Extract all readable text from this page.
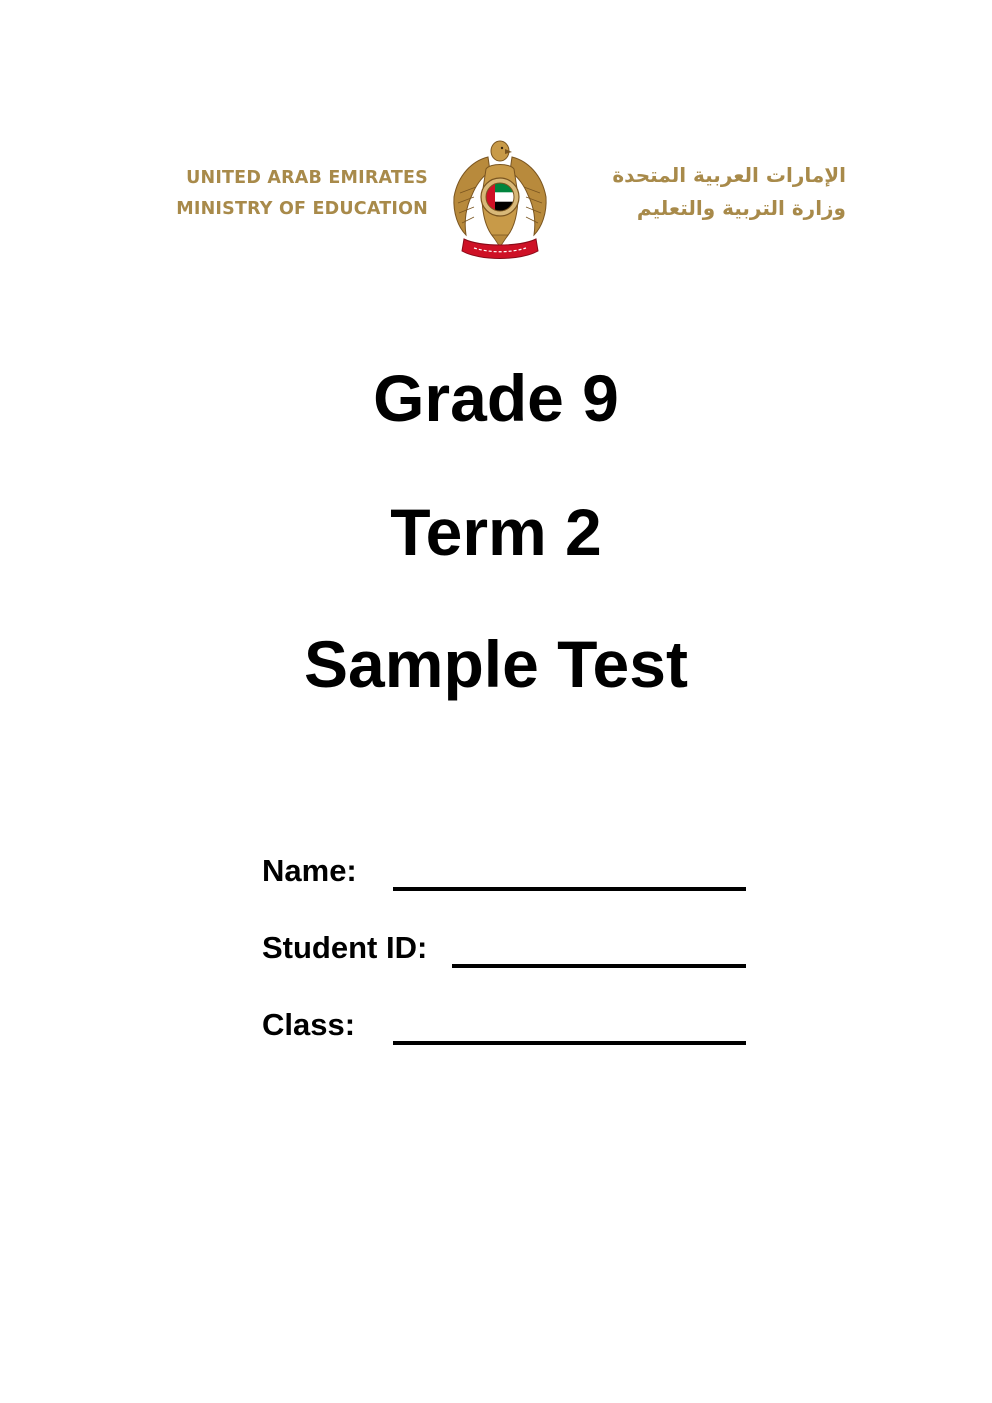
UNITED ARAB EMIRATES
MINISTRY OF EDUCATION
الإمارات العربية المتحدة
وزارة التربية والتعليم
Grade 9
Term 2
Sample Test
Name:
Student ID:
Class:
